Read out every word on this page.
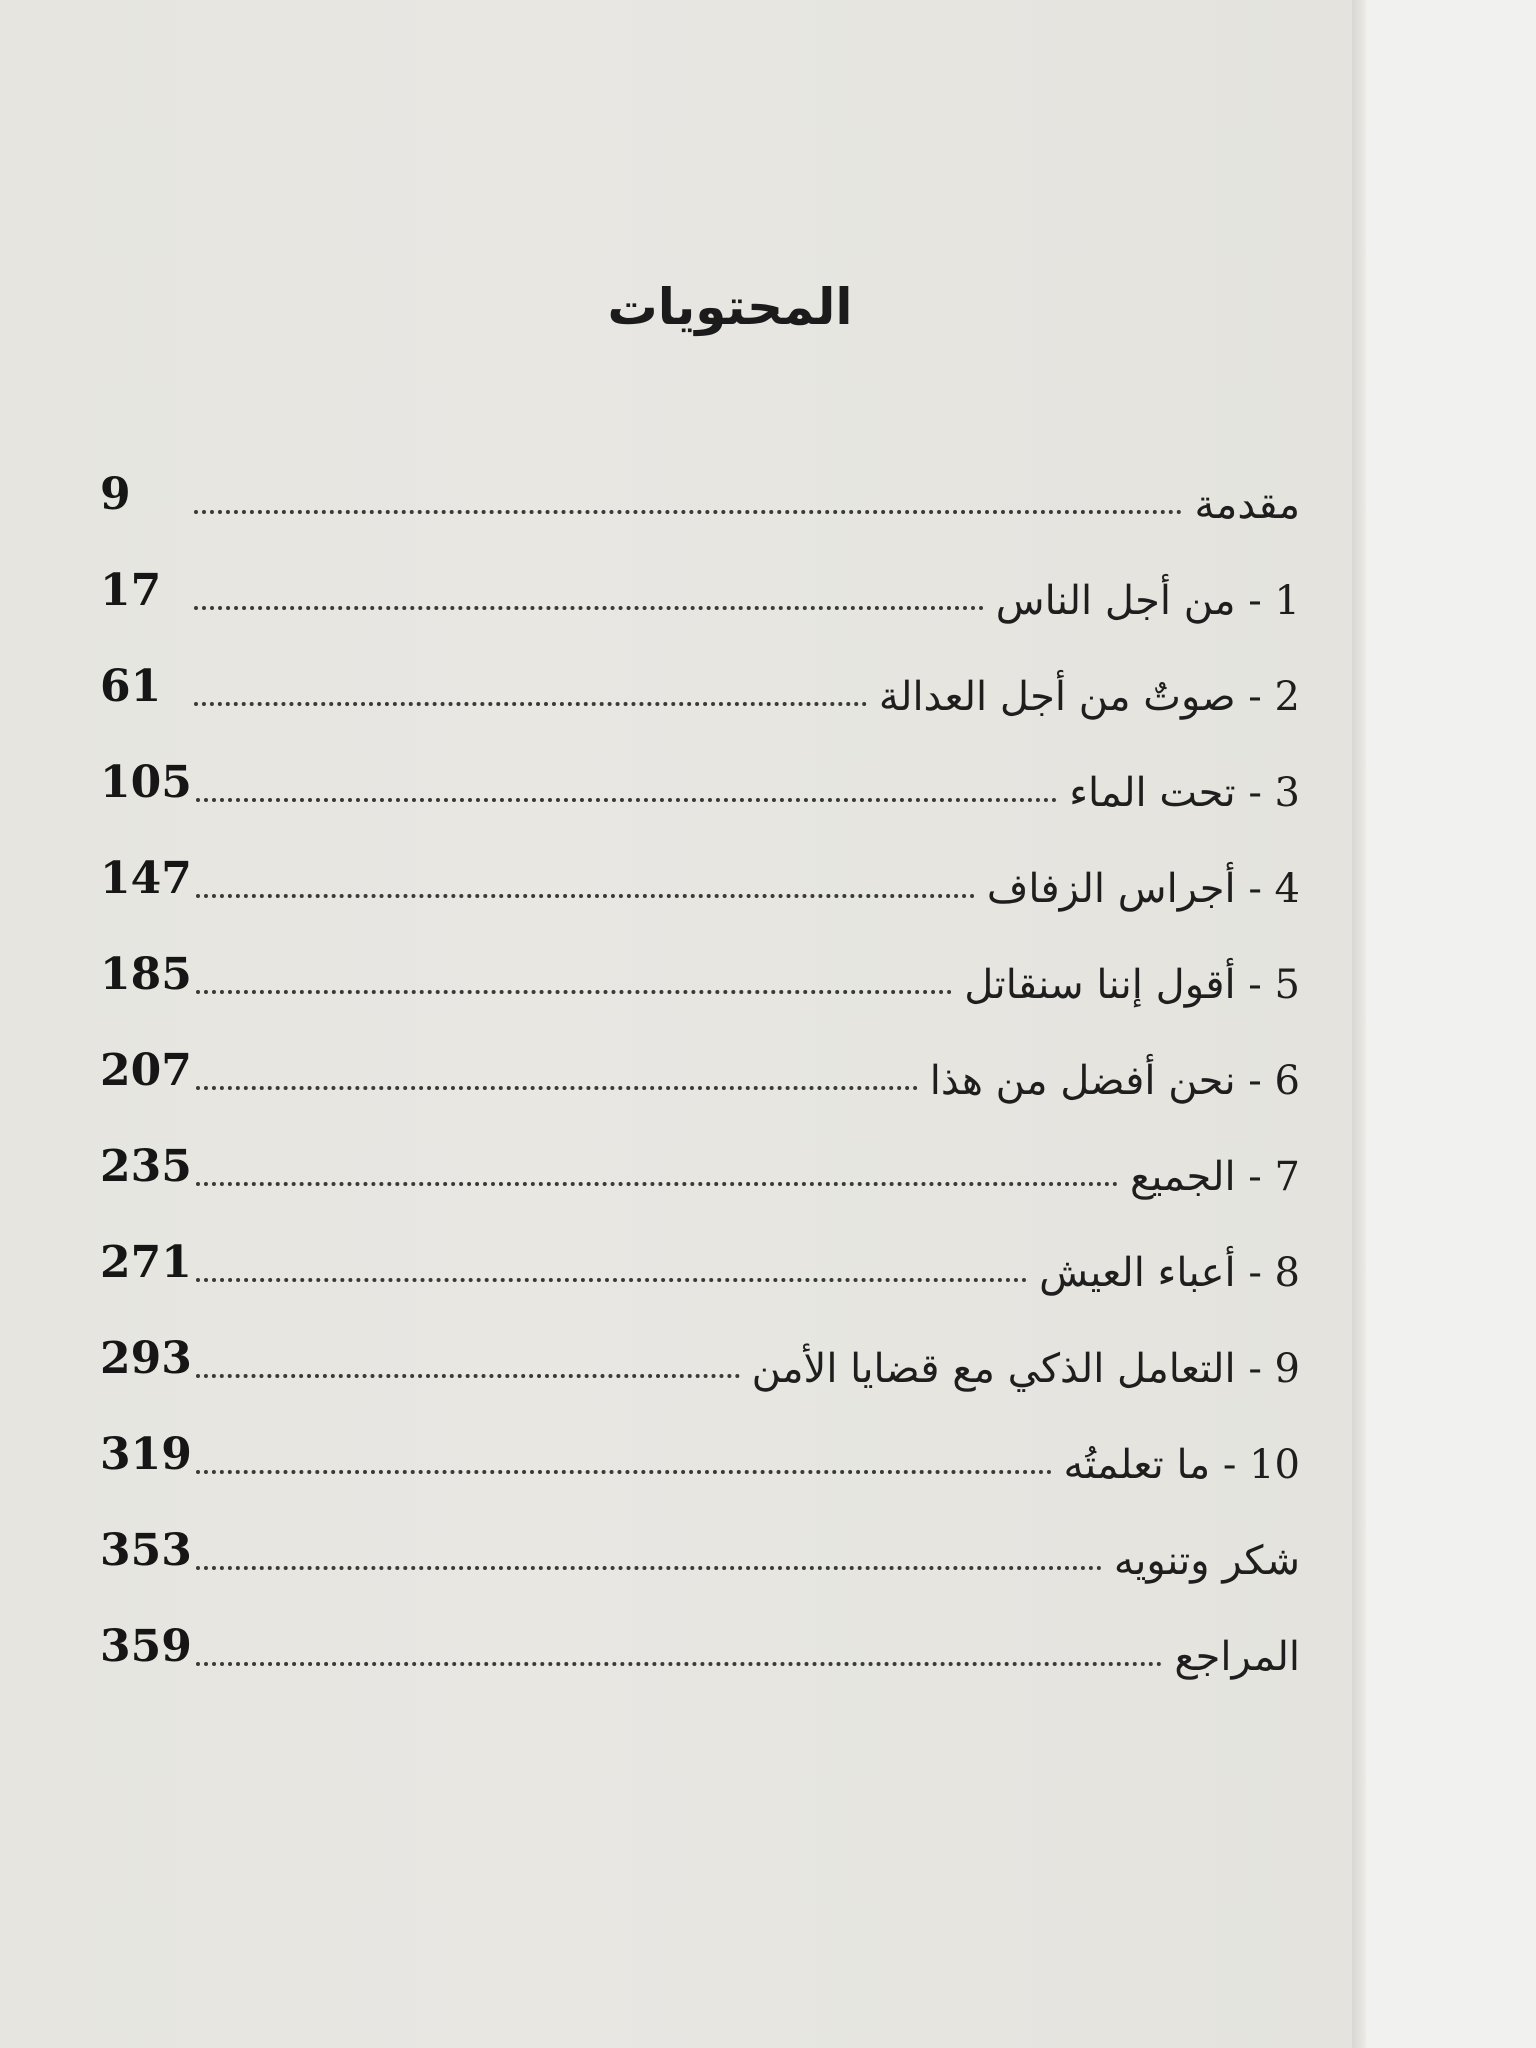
المحتويات
مقدمة
9
1 - من أجل الناس
17
2 - صوتٌ من أجل العدالة
61
3 - تحت الماء
105
4 - أجراس الزفاف
147
5 - أقول إننا سنقاتل
185
6 - نحن أفضل من هذا
207
7 - الجميع
235
8 - أعباء العيش
271
9 - التعامل الذكي مع قضايا الأمن
293
10 - ما تعلمتُه
319
شكر وتنويه
353
المراجع
359
